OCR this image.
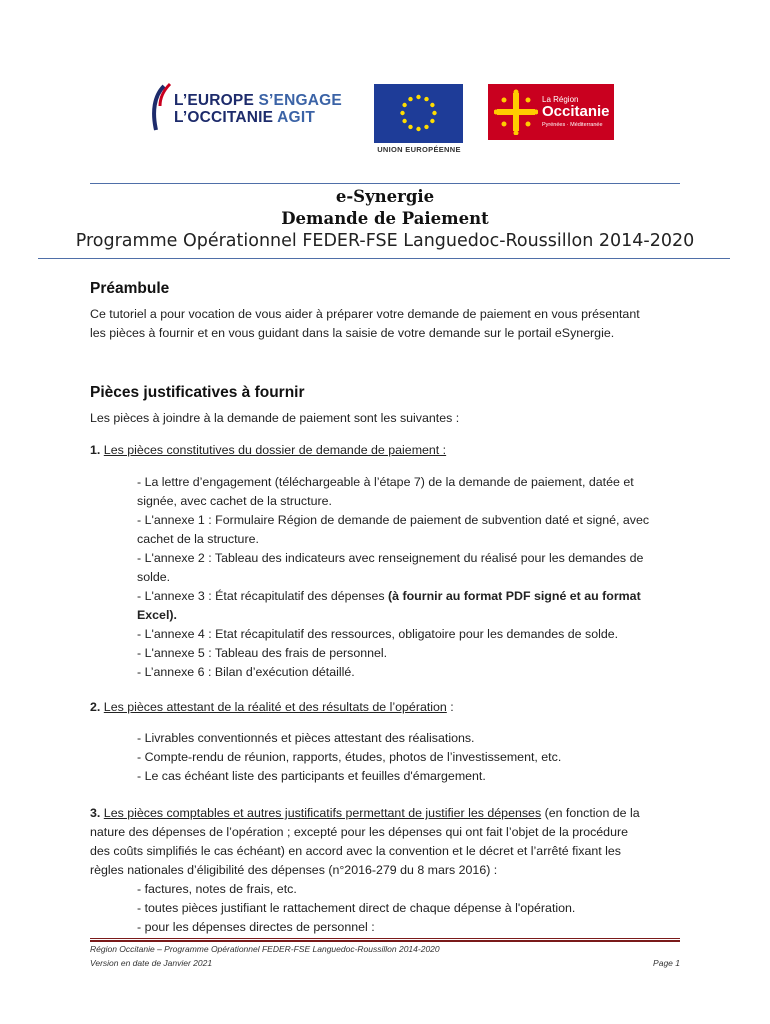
L’EUROPE S’ENGAGE
L’OCCITANIE AGIT
UNION EUROPÉENNE
La Région
Occitanie
Pyrénées · Méditerranée
e-Synergie
Demande de Paiement
Programme Opérationnel FEDER-FSE Languedoc-Roussillon 2014-2020
Préambule
Ce tutoriel a pour vocation de vous aider à préparer votre demande de paiement en vous présentant
les pièces à fournir et en vous guidant dans la saisie de votre demande sur le portail eSynergie.
Pièces justificatives à fournir
Les pièces à joindre à la demande de paiement sont les suivantes :
1. Les pièces constitutives du dossier de demande de paiement :
- La lettre d’engagement (téléchargeable à l’étape 7) de la demande de paiement, datée et
signée, avec cachet de la structure.
- L'annexe 1 : Formulaire Région de demande de paiement de subvention daté et signé, avec
cachet de la structure.
- L'annexe 2 : Tableau des indicateurs avec renseignement du réalisé pour les demandes de
solde.
- L'annexe 3 : État récapitulatif des dépenses (à fournir au format PDF signé et au format
Excel).
- L'annexe 4 : Etat récapitulatif des ressources, obligatoire pour les demandes de solde.
- L'annexe 5 : Tableau des frais de personnel.
- L’annexe 6 : Bilan d’exécution détaillé.
2. Les pièces attestant de la réalité et des résultats de l’opération :
- Livrables conventionnés et pièces attestant des réalisations.
- Compte-rendu de réunion, rapports, études, photos de l’investissement, etc.
- Le cas échéant liste des participants et feuilles d'émargement.
3. Les pièces comptables et autres justificatifs permettant de justifier les dépenses (en fonction de la
nature des dépenses de l’opération ; excepté pour les dépenses qui ont fait l’objet de la procédure
des coûts simplifiés le cas échéant) en accord avec la convention et le décret et l’arrêté fixant les
règles nationales d’éligibilité des dépenses (n°2016-279 du 8 mars 2016) :
- factures, notes de frais, etc.
- toutes pièces justifiant le rattachement direct de chaque dépense à l'opération.
- pour les dépenses directes de personnel :
Région Occitanie – Programme Opérationnel FEDER-FSE Languedoc-Roussillon 2014-2020
Version en date de Janvier 2021	Page 1
